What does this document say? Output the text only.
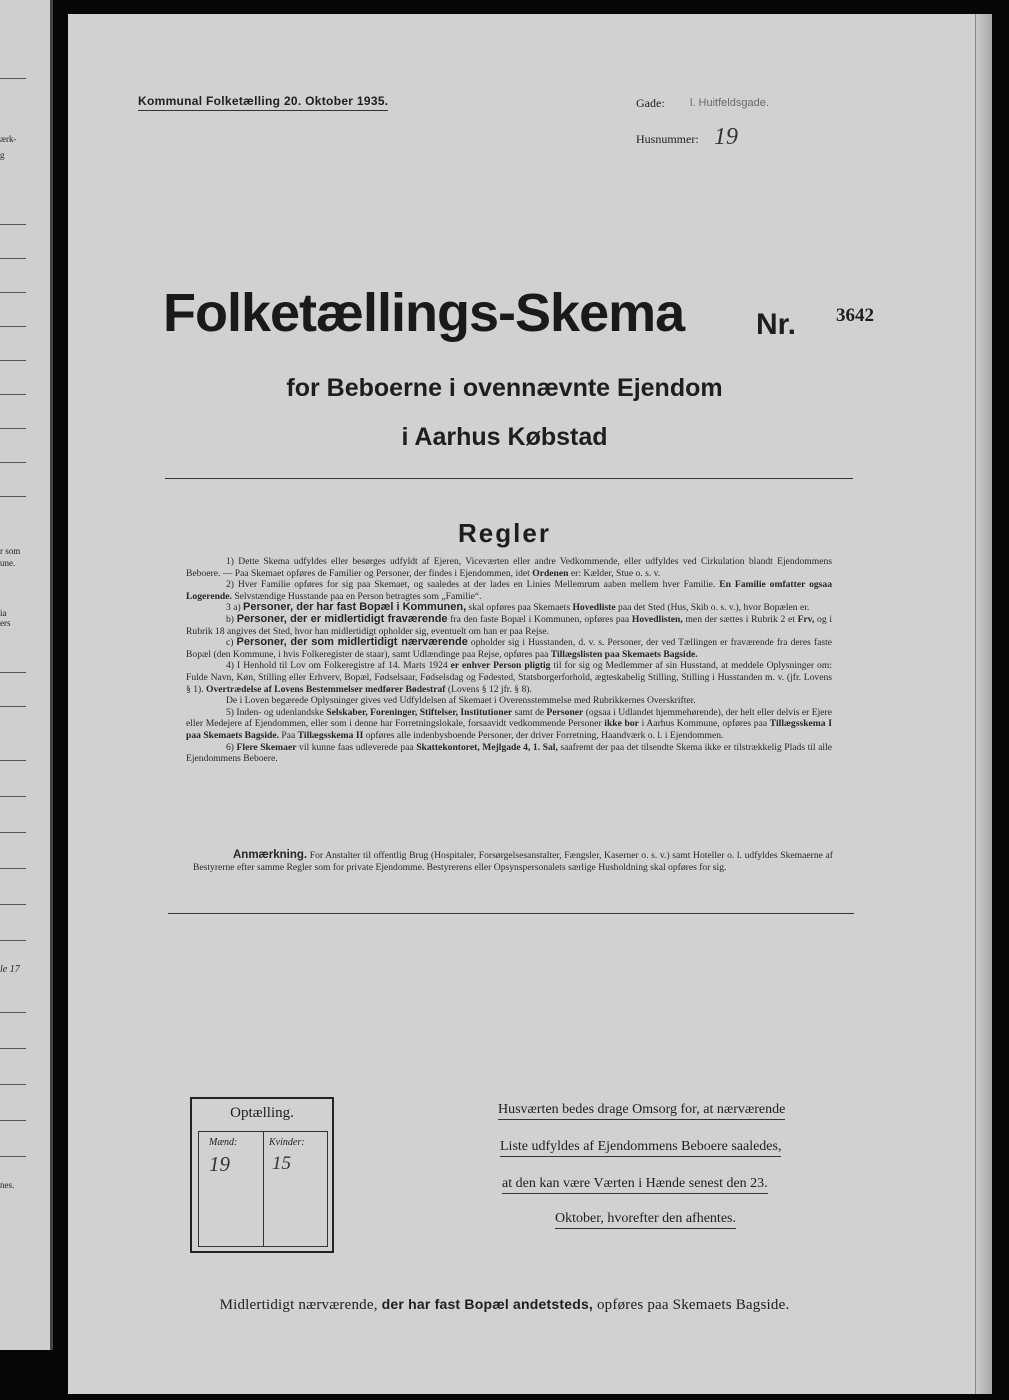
ærk-
g
r som
une.
ia
ers
le 17
nes.
Kommunal Folketælling 20. Oktober 1935.	Gade: l. Huitfeldsgade.
Husnummer: 19
Folketællings-Skema Nr. 3642
for Beboerne i ovennævnte Ejendom
i Aarhus Købstad
Regler

1) Dette Skema udfyldes eller besørges udfyldt af Ejeren, Viceværten eller andre Vedkommende, eller udfyldes ved Cirkulation blandt Ejendommens Beboere. — Paa Skemaet opføres de Familier og Personer, der findes i Ejendommen, idet Ordenen er: Kælder, Stue o. s. v.

2) Hver Familie opføres for sig paa Skemaet, og saaledes at der lades en Linies Mellemrum aaben mellem hver Familie. En Familie omfatter ogsaa Logerende. Selvstændige Husstande paa en Person betragtes som „Familie“.

3 a) Personer, der har fast Bopæl i Kommunen, skal opføres paa Skemaets Hovedliste paa det Sted (Hus, Skib o. s. v.), hvor Bopælen er.

b) Personer, der er midlertidigt fraværende fra den faste Bopæl i Kommunen, opføres paa Hovedlisten, men der sættes i Rubrik 2 et Frv, og i Rubrik 18 angives det Sted, hvor han midlertidigt opholder sig, eventuelt om han er paa Rejse.

c) Personer, der som midlertidigt nærværende opholder sig i Husstanden, d. v. s. Personer, der ved Tællingen er fraværende fra deres faste Bopæl (den Kommune, i hvis Folkeregister de staar), samt Udlændinge paa Rejse, opføres paa Tillægslisten paa Skemaets Bagside.

4) I Henhold til Lov om Folkeregistre af 14. Marts 1924 er enhver Person pligtig til for sig og Medlemmer af sin Husstand, at meddele Oplysninger om: Fulde Navn, Køn, Stilling eller Erhverv, Bopæl, Fødselsaar, Fødselsdag og Fødested, Statsborgerforhold, ægteskabelig Stilling, Stilling i Husstanden m. v. (jfr. Lovens § 1). Overtrædelse af Lovens Bestemmelser medfører Bødestraf (Lovens § 12 jfr. § 8).

De i Loven begærede Oplysninger gives ved Udfyldelsen af Skemaet i Overensstemmelse med Rubrikkernes Overskrifter.

5) Inden- og udenlandske Selskaber, Foreninger, Stiftelser, Institutioner samt de Personer (ogsaa i Udlandet hjemmehørende), der helt eller delvis er Ejere eller Medejere af Ejendommen, eller som i denne har Forretningslokale, forsaavidt vedkommende Personer ikke bor i Aarhus Kommune, opføres paa Tillægsskema I paa Skemaets Bagside. Paa Tillægsskema II opføres alle indenbysboende Personer, der driver Forretning, Haandværk o. l. i Ejendommen.

6) Flere Skemaer vil kunne faas udleverede paa Skattekontoret, Mejlgade 4, 1. Sal, saafremt der paa det tilsendte Skema ikke er tilstrækkelig Plads til alle Ejendommens Beboere.

Anmærkning. For Anstalter til offentlig Brug (Hospitaler, Forsørgelsesanstalter, Fængsler, Kaserner o. s. v.) samt Hoteller o. l. udfyldes Skemaerne af Bestyrerne efter samme Regler som for private Ejendomme. Bestyrerens eller Opsynspersonalets særlige Husholdning skal opføres for sig.

Optælling.
Mænd:	Kvinder:
19 15
Husværten bedes drage Omsorg for, at nærværende
Liste udfyldes af Ejendommens Beboere saaledes,
at den kan være Værten i Hænde senest den 23.
Oktober, hvorefter den afhentes.
Midlertidigt nærværende, der har fast Bopæl andetsteds, opføres paa Skemaets Bagside.
